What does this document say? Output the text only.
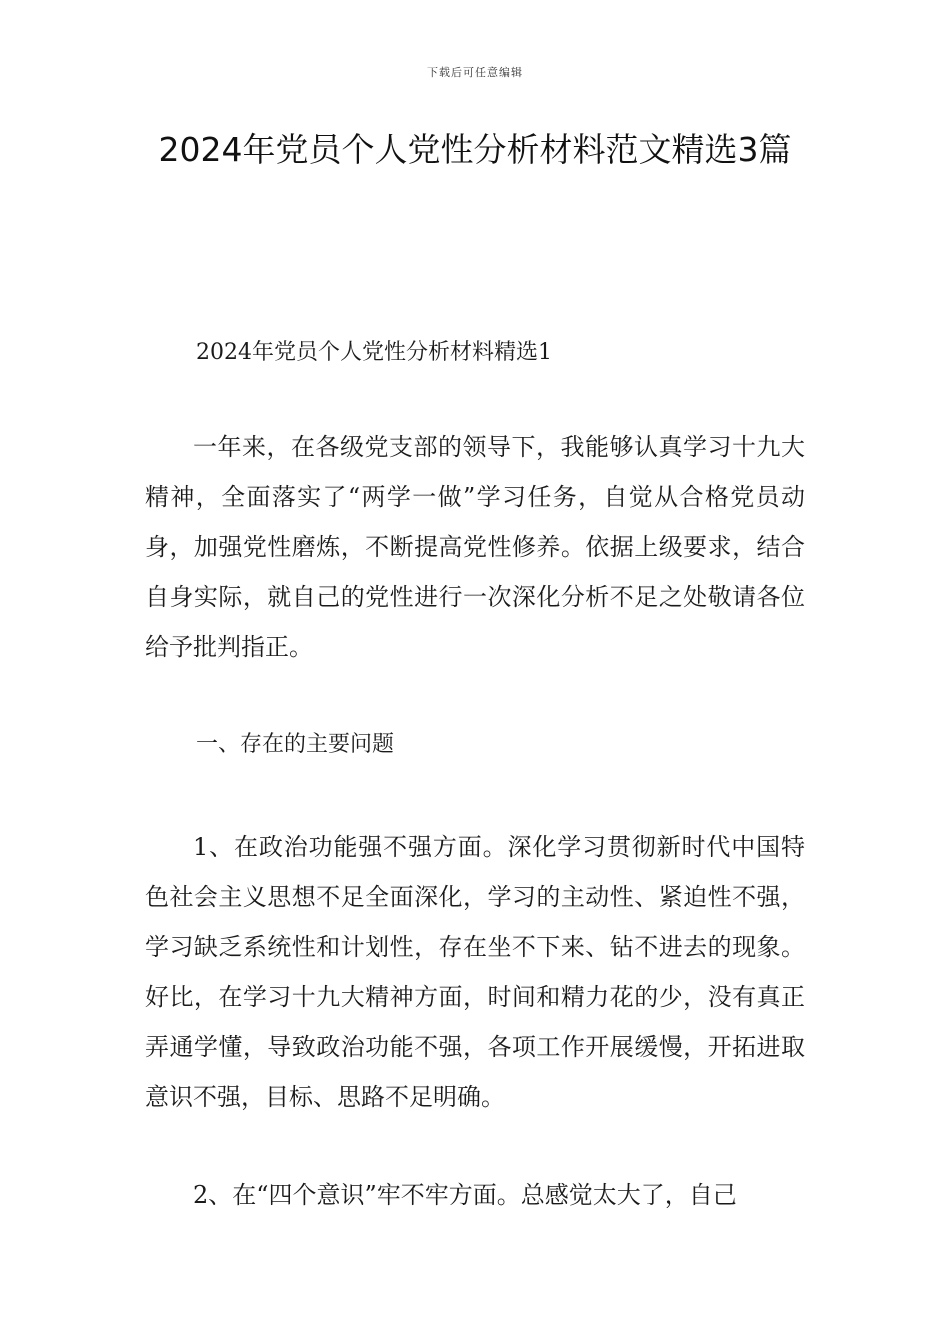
下载后可任意编辑
2024年党员个人党性分析材料范文精选3篇
2024年党员个人党性分析材料精选1

一年来，在各级党支部的领导下，我能够认真学习十九大精神，全面落实了“两学一做”学习任务，自觉从合格党员动身，加强党性磨炼，不断提高党性修养。依据上级要求，结合自身实际，就自己的党性进行一次深化分析不足之处敬请各位给予批判指正。

一、存在的主要问题

1、在政治功能强不强方面。深化学习贯彻新时代中国特色社会主义思想不足全面深化，学习的主动性、紧迫性不强，学习缺乏系统性和计划性，存在坐不下来、钻不进去的现象。好比，在学习十九大精神方面，时间和精力花的少，没有真正弄通学懂，导致政治功能不强，各项工作开展缓慢，开拓进取意识不强，目标、思路不足明确。

2、在“四个意识”牢不牢方面。总感觉太大了，自己
